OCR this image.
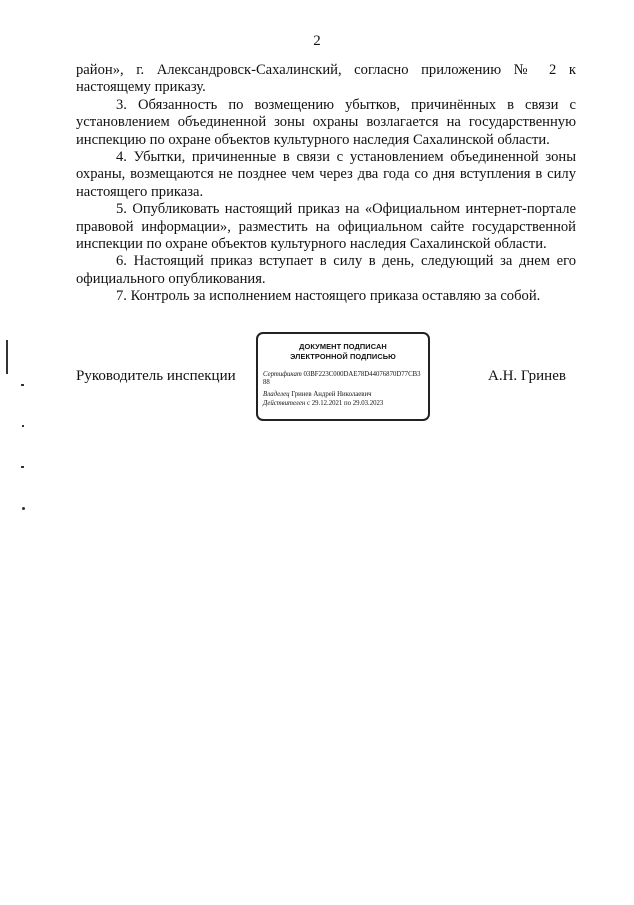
2

район», г. Александровск-Сахалинский, согласно приложению № 2 к настоящему приказу.

3. Обязанность по возмещению убытков, причинённых в связи с установлением объединенной зоны охраны возлагается на государственную инспекцию по охране объектов культурного наследия Сахалинской области.

4. Убытки, причиненные в связи с установлением объединенной зоны охраны, возмещаются не позднее чем через два года со дня вступления в силу настоящего приказа.

5. Опубликовать настоящий приказ на «Официальном интернет-портале правовой информации», разместить на официальном сайте государственной инспекции по охране объектов культурного наследия Сахалинской области.

6. Настоящий приказ вступает в силу в день, следующий за днем его официального опубликования.

7. Контроль за исполнением настоящего приказа оставляю за собой.

Руководитель инспекции
ДОКУМЕНТ ПОДПИСАН
ЭЛЕКТРОННОЙ ПОДПИСЬЮ
Сертификат 03BF223C000DAE78D44076870D77CB3
88
Владелец Гринев Андрей Николаевич
Действителен с 29.12.2021 по 29.03.2023
А.Н. Гринев
